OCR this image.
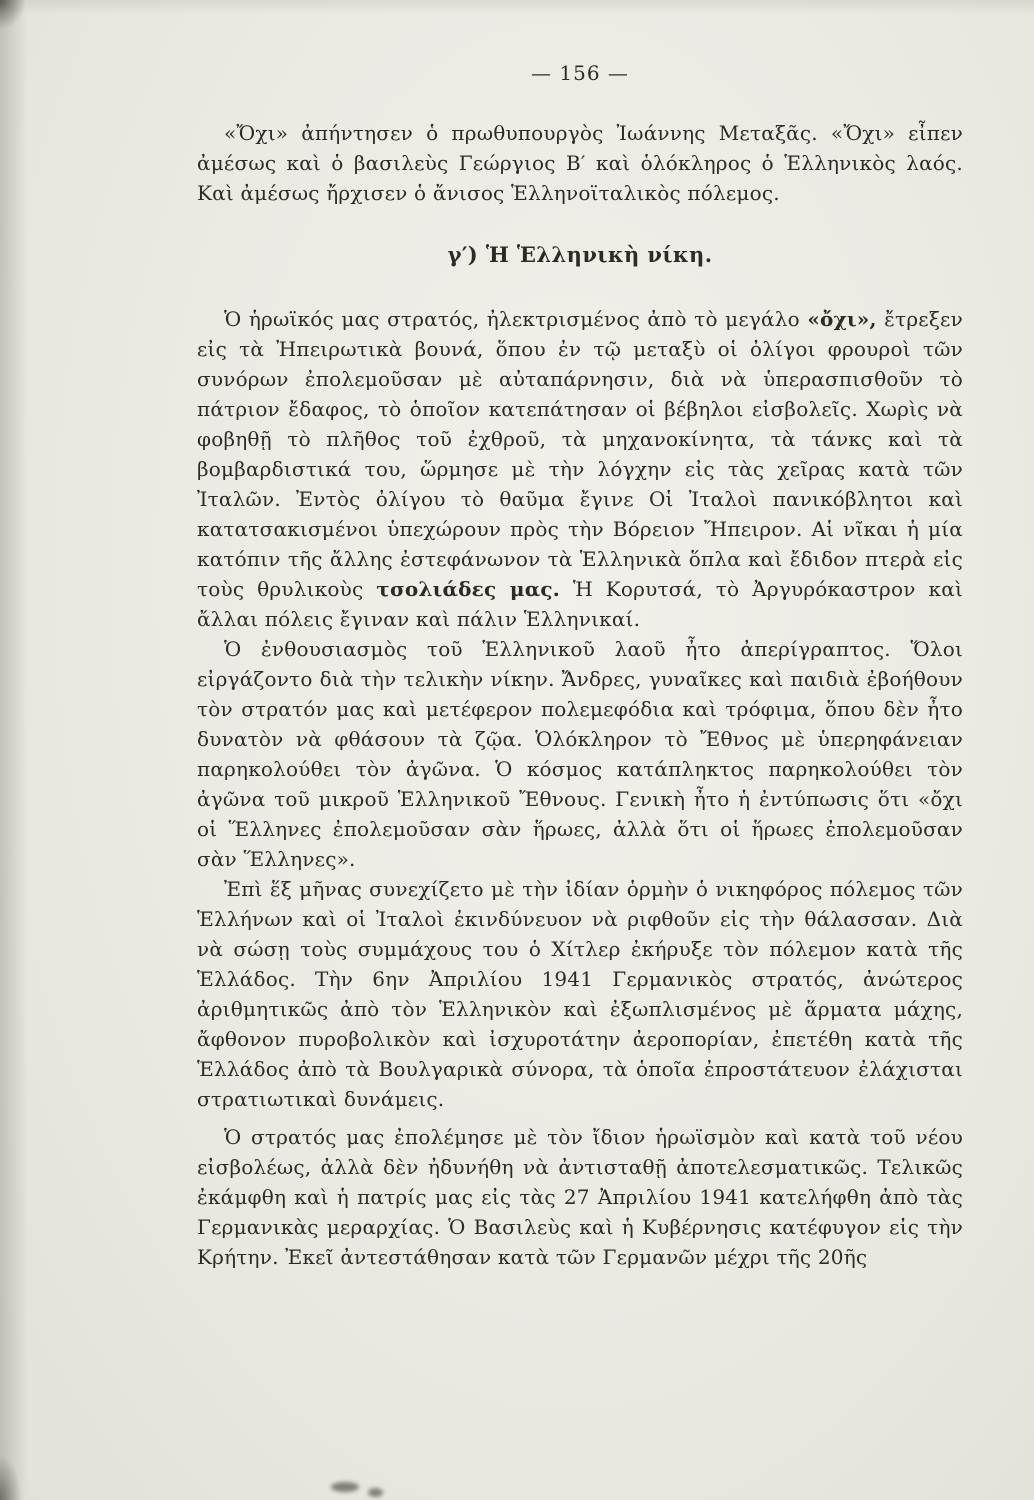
— 156 —

«Ὄχι» ἀπήντησεν ὁ πρωθυπουργὸς Ἰωάννης Μεταξᾶς. «Ὄχι» εἶπεν ἀμέσως καὶ ὁ βασιλεὺς Γεώργιος Β′ καὶ ὁλόκληρος ὁ Ἑλληνικὸς λαός. Καὶ ἀμέσως ἤρχισεν ὁ ἄνισος Ἑλληνοϊταλικὸς πόλεμος.

γ′) Ἡ Ἑλληνικὴ νίκη.

Ὁ ἡρωϊκός μας στρατός, ἠλεκτρισμένος ἀπὸ τὸ μεγάλο «ὄχι», ἔτρεξεν εἰς τὰ Ἠπειρωτικὰ βουνά, ὅπου ἐν τῷ μεταξὺ οἱ ὀλίγοι φρουροὶ τῶν συνόρων ἐπολεμοῦσαν μὲ αὐταπάρνησιν, διὰ νὰ ὑπερασπισθοῦν τὸ πάτριον ἔδαφος, τὸ ὁποῖον κατεπάτησαν οἱ βέβηλοι εἰσβολεῖς. Χωρὶς νὰ φοβηθῇ τὸ πλῆθος τοῦ ἐχθροῦ, τὰ μηχανοκίνητα, τὰ τάνκς καὶ τὰ βομβαρδιστικά του, ὥρμησε μὲ τὴν λόγχην εἰς τὰς χεῖρας κατὰ τῶν Ἰταλῶν. Ἐντὸς ὀλίγου τὸ θαῦμα ἔγινε Οἱ Ἰταλοὶ πανικόβλητοι καὶ κατατσακισμένοι ὑπεχώρουν πρὸς τὴν Βόρειον Ἤπειρον. Αἱ νῖκαι ἡ μία κατόπιν τῆς ἄλλης ἐστεφάνωνον τὰ Ἑλληνικὰ ὅπλα καὶ ἔδιδον πτερὰ εἰς τοὺς θρυλικοὺς τσολιάδες μας. Ἡ Κορυτσά, τὸ Ἀργυρόκαστρον καὶ ἄλλαι πόλεις ἔγιναν καὶ πάλιν Ἑλληνικαί.

Ὁ ἐνθουσιασμὸς τοῦ Ἑλληνικοῦ λαοῦ ἦτο ἀπερίγραπτος. Ὅλοι εἰργάζοντο διὰ τὴν τελικὴν νίκην. Ἄνδρες, γυναῖκες καὶ παιδιὰ ἐβοήθουν τὸν στρατόν μας καὶ μετέφερον πολεμεφόδια καὶ τρόφιμα, ὅπου δὲν ἦτο δυνατὸν νὰ φθάσουν τὰ ζῷα. Ὁλόκληρον τὸ Ἔθνος μὲ ὑπερηφάνειαν παρηκολούθει τὸν ἀγῶνα. Ὁ κόσμος κατάπληκτος παρηκολούθει τὸν ἀγῶνα τοῦ μικροῦ Ἑλληνικοῦ Ἔθνους. Γενικὴ ἦτο ἡ ἐντύπωσις ὅτι «ὄχι οἱ Ἕλληνες ἐπολεμοῦσαν σὰν ἥρωες, ἀλλὰ ὅτι οἱ ἥρωες ἐπολεμοῦσαν σὰν Ἕλληνες».

Ἐπὶ ἕξ μῆνας συνεχίζετο μὲ τὴν ἰδίαν ὁρμὴν ὁ νικηφόρος πόλεμος τῶν Ἑλλήνων καὶ οἱ Ἰταλοὶ ἐκινδύνευον νὰ ριφθοῦν εἰς τὴν θάλασσαν. Διὰ νὰ σώσῃ τοὺς συμμάχους του ὁ Χίτλερ ἐκήρυξε τὸν πόλεμον κατὰ τῆς Ἑλλάδος. Τὴν 6ην Ἀπριλίου 1941 Γερμανικὸς στρατός, ἀνώτερος ἀριθμητικῶς ἀπὸ τὸν Ἑλληνικὸν καὶ ἐξωπλισμένος μὲ ἅρματα μάχης, ἄφθονον πυροβολικὸν καὶ ἰσχυροτάτην ἀεροπορίαν, ἐπετέθη κατὰ τῆς Ἑλλάδος ἀπὸ τὰ Βουλγαρικὰ σύνορα, τὰ ὁποῖα ἐπροστάτευον ἐλάχισται στρατιωτικαὶ δυνάμεις.

Ὁ στρατός μας ἐπολέμησε μὲ τὸν ἴδιον ἡρωϊσμὸν καὶ κατὰ τοῦ νέου εἰσβολέως, ἀλλὰ δὲν ἠδυνήθη νὰ ἀντισταθῇ ἀποτελεσματικῶς. Τελικῶς ἐκάμφθη καὶ ἡ πατρίς μας εἰς τὰς 27 Ἀπριλίου 1941 κατελήφθη ἀπὸ τὰς Γερμανικὰς μεραρχίας. Ὁ Βασιλεὺς καὶ ἡ Κυβέρνησις κατέφυγον εἰς τὴν Κρήτην. Ἐκεῖ ἀντεστάθησαν κατὰ τῶν Γερμανῶν μέχρι τῆς 20ῆς
